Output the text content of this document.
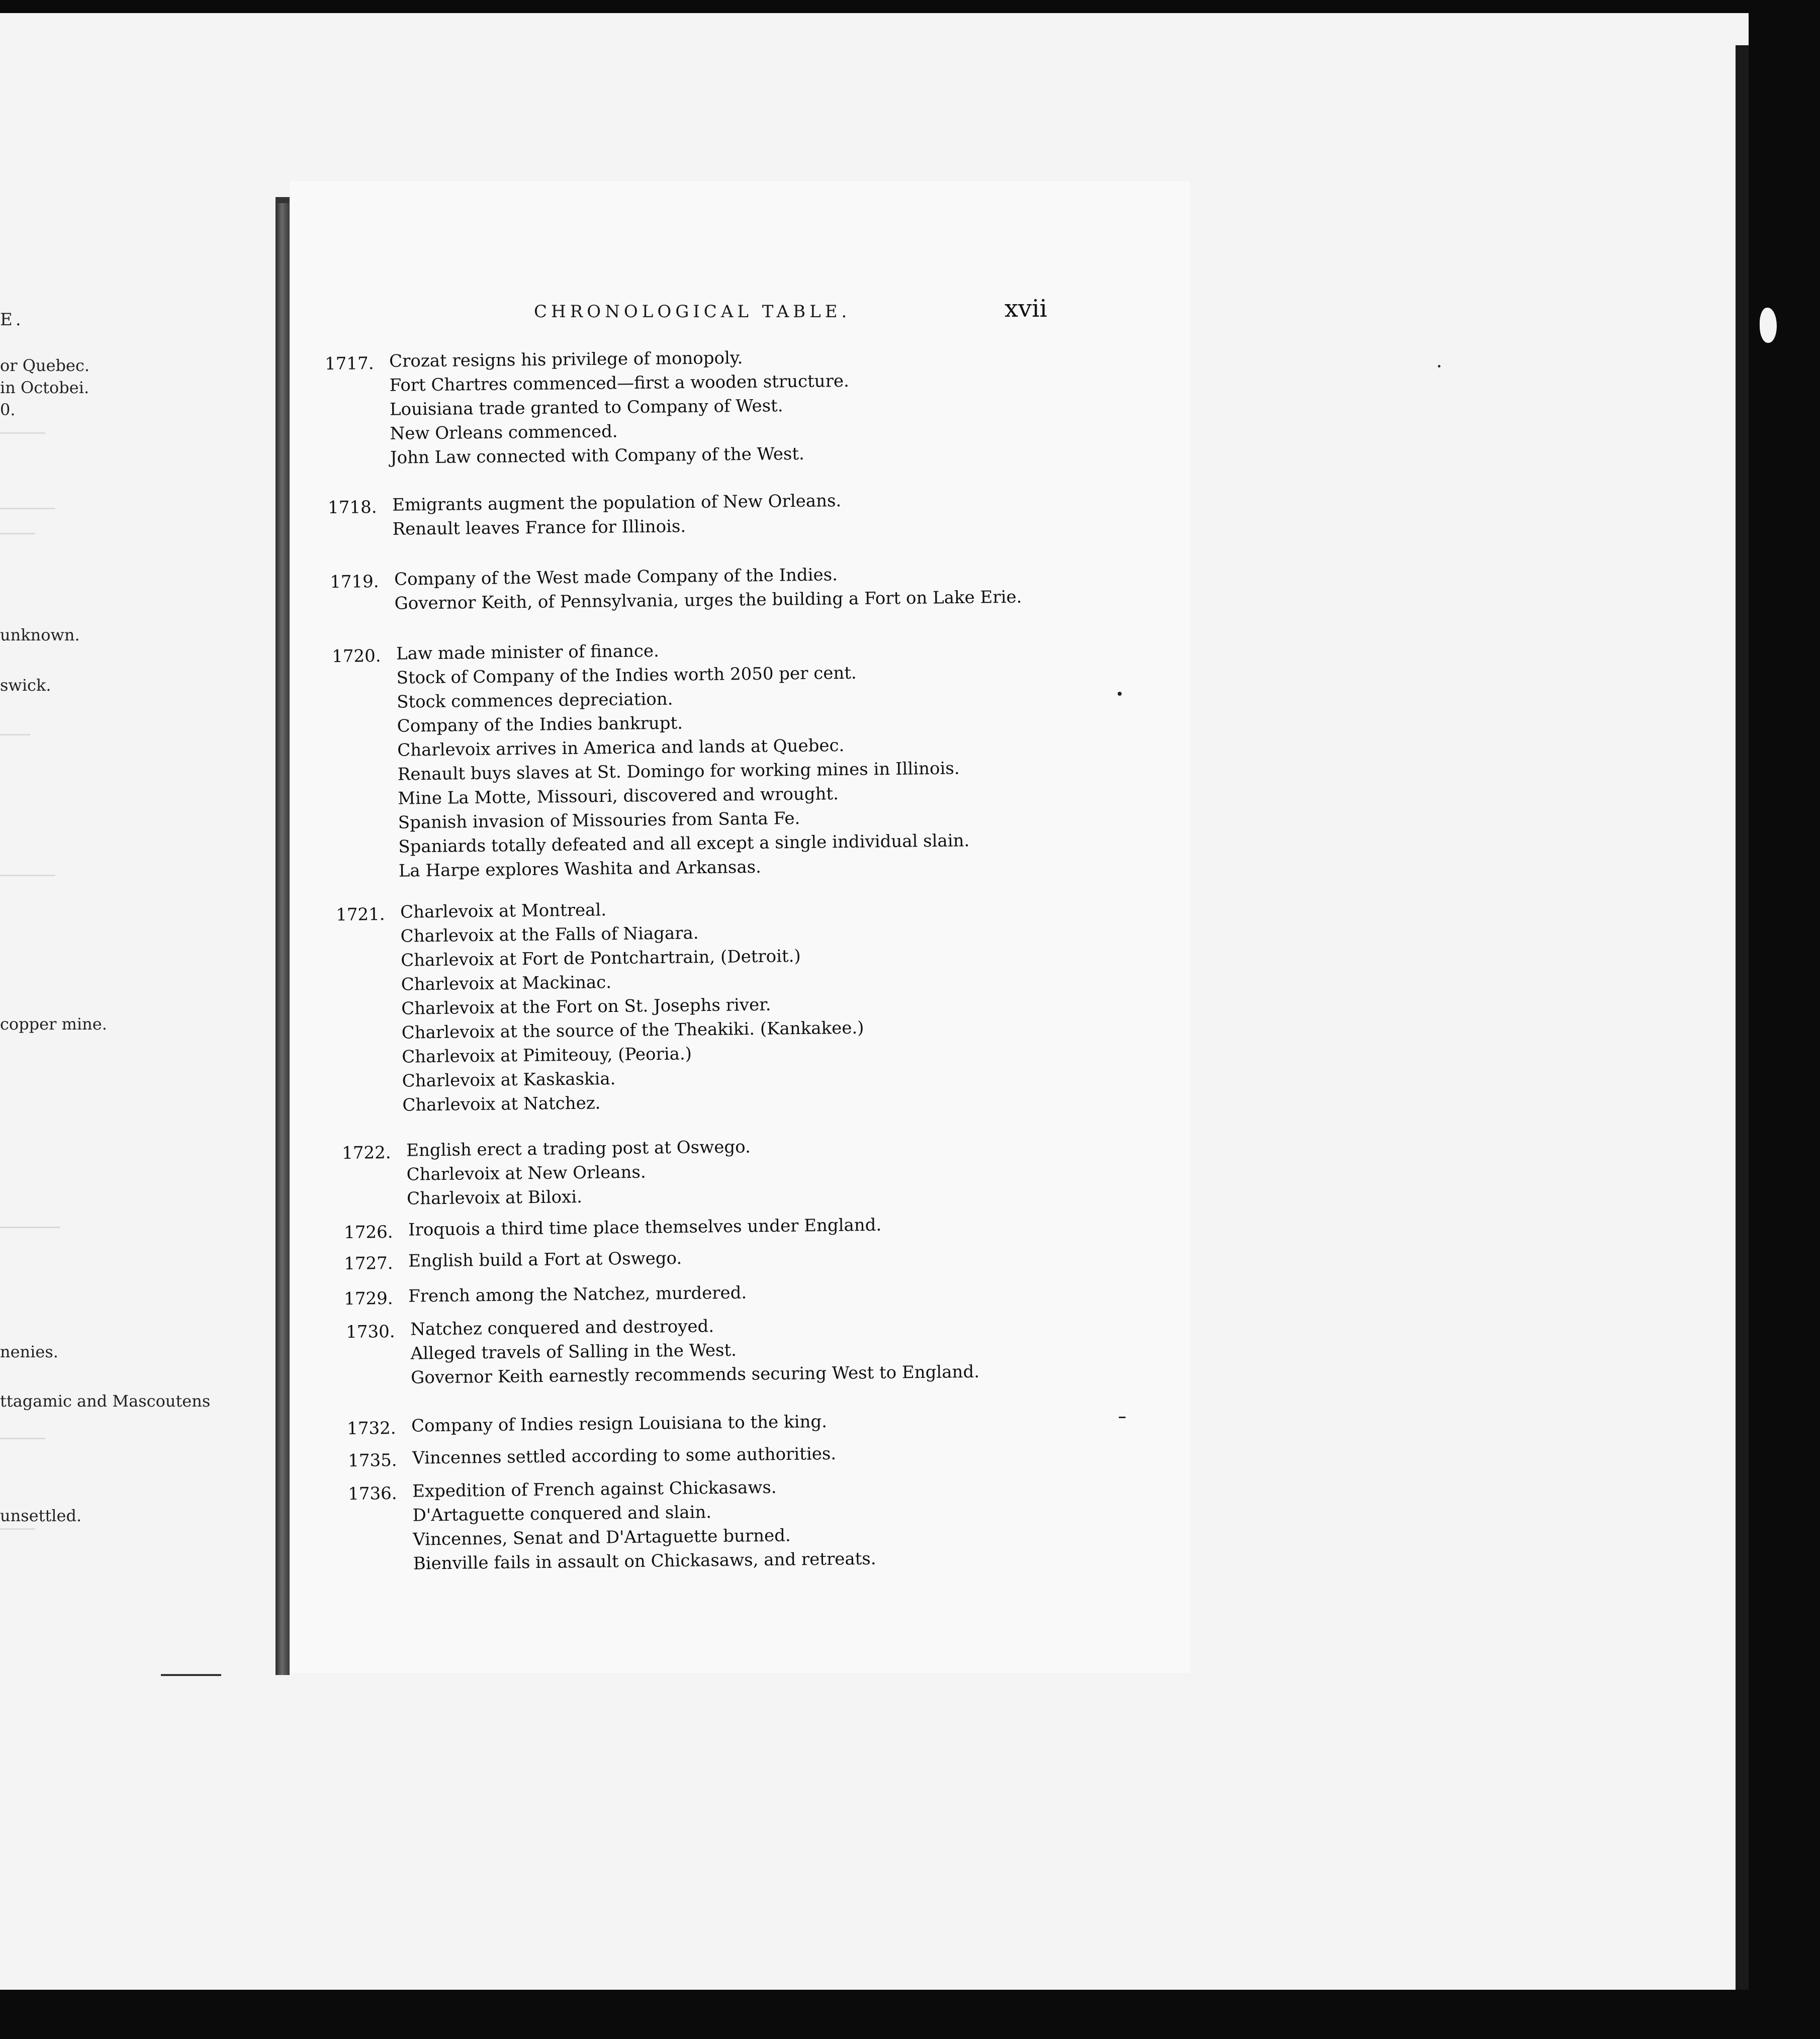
E.
or Quebec.
in Octobei.
0.
unknown.
swick.
copper mine.
nenies.
ttagamic and Mascoutens
unsettled.
CHRONOLOGICAL TABLE.	xvii
1717. Crozat resigns his privilege of monopoly.
Fort Chartres commenced—first a wooden structure.
Louisiana trade granted to Company of West.
New Orleans commenced.
John Law connected with Company of the West.
1718. Emigrants augment the population of New Orleans.
Renault leaves France for Illinois.
1719. Company of the West made Company of the Indies.
Governor Keith, of Pennsylvania, urges the building a Fort on Lake Erie.
1720. Law made minister of finance.
Stock of Company of the Indies worth 2050 per cent.
Stock commences depreciation.
Company of the Indies bankrupt.
Charlevoix arrives in America and lands at Quebec.
Renault buys slaves at St. Domingo for working mines in Illinois.
Mine La Motte, Missouri, discovered and wrought.
Spanish invasion of Missouries from Santa Fe.
Spaniards totally defeated and all except a single individual slain.
La Harpe explores Washita and Arkansas.
1721. Charlevoix at Montreal.
Charlevoix at the Falls of Niagara.
Charlevoix at Fort de Pontchartrain, (Detroit.)
Charlevoix at Mackinac.
Charlevoix at the Fort on St. Josephs river.
Charlevoix at the source of the Theakiki. (Kankakee.)
Charlevoix at Pimiteouy, (Peoria.)
Charlevoix at Kaskaskia.
Charlevoix at Natchez.
1722. English erect a trading post at Oswego.
Charlevoix at New Orleans.
Charlevoix at Biloxi.
1726. Iroquois a third time place themselves under England.
1727. English build a Fort at Oswego.
1729. French among the Natchez, murdered.
1730. Natchez conquered and destroyed.
Alleged travels of Salling in the West.
Governor Keith earnestly recommends securing West to England.
1732. Company of Indies resign Louisiana to the king.
1735. Vincennes settled according to some authorities.
1736. Expedition of French against Chickasaws.
D'Artaguette conquered and slain.
Vincennes, Senat and D'Artaguette burned.
Bienville fails in assault on Chickasaws, and retreats.
